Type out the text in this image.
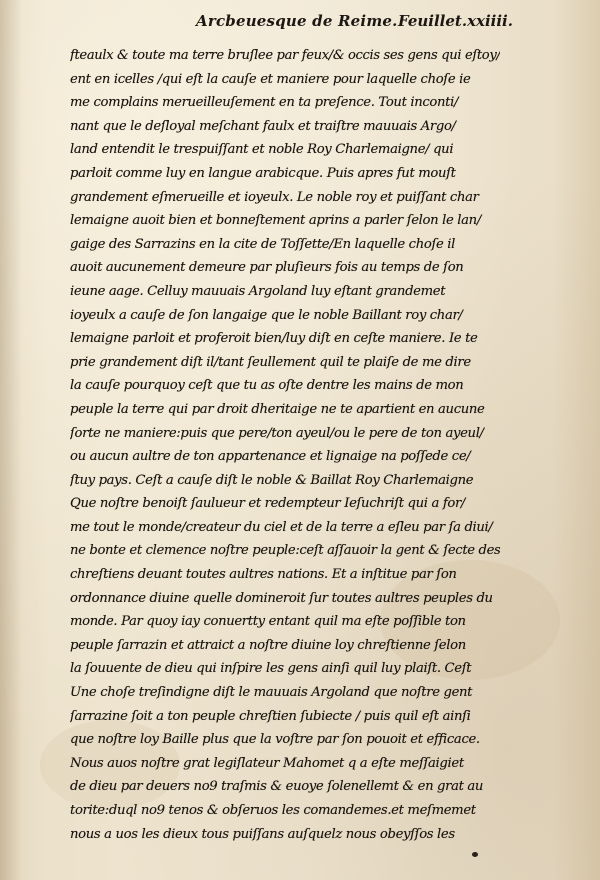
Arcbeuesque de Reime. Feuillet.xxiiii.
fteaulx & toute ma terre bruſlee par feux/& occis ses gens qui eſtoy/
ent en icelles /qui eſt la cauſe et maniere pour laquelle choſe ie
me complains merueilleuſement en ta preſence. Tout inconti/
nant que le deſloyal meſchant faulx et traiſtre mauuais Argo/
land entendit le trespuiſſant et noble Roy Charlemaigne/ qui
parloit comme luy en langue arabicque. Puis apres fut mouſt
grandement eſmerueille et ioyeulx. Le noble roy et puiſſant char
lemaigne auoit bien et bonneſtement aprins a parler ſelon le lan/
gaige des Sarrazins en la cite de Toſſette/En laquelle choſe il
auoit aucunement demeure par pluſieurs fois au temps de ſon
ieune aage. Celluy mauuais Argoland luy eſtant grandemet
ioyeulx a cauſe de ſon langaige que le noble Baillant roy char/
lemaigne parloit et proferoit bien/luy diſt en ceſte maniere. Ie te
prie grandement diſt il/tant ſeullement quil te plaiſe de me dire
la cauſe pourquoy ceſt que tu as oſte dentre les mains de mon
peuple la terre qui par droit dheritaige ne te apartient en aucune
ſorte ne maniere:puis que pere/ton ayeul/ou le pere de ton ayeul/
ou aucun aultre de ton appartenance et lignaige na poſſede ce/
ſtuy pays. Ceſt a cauſe diſt le noble & Baillat Roy Charlemaigne
Que noſtre benoiſt ſaulueur et redempteur Ieſuchriſt qui a for/
me tout le monde/createur du ciel et de la terre a eſleu par ſa diui/
ne bonte et clemence noſtre peuple:ceſt aſſauoir la gent & ſecte des
chreſtiens deuant toutes aultres nations. Et a inſtitue par ſon
ordonnance diuine quelle domineroit ſur toutes aultres peuples du
monde. Par quoy iay conuertty entant quil ma eſte poſſible ton
peuple ſarrazin et attraict a noſtre diuine loy chreſtienne ſelon
la ſouuente de dieu qui inſpire les gens ainſi quil luy plaiſt. Ceſt
Une choſe treſindigne diſt le mauuais Argoland que noſtre gent
ſarrazine ſoit a ton peuple chreſtien ſubiecte / puis quil eſt ainſi
que noſtre loy Baille plus que la voſtre par ſon pouoit et efficace.
Nous auos noſtre grat legiſlateur Mahomet q a eſte meſſaigiet
de dieu par deuers no9 traſmis & euoye ſolenellemt & en grat au
torite:duql no9 tenos & obſeruos les comandemes.et meſmemet
nous a uos les dieux tous puiſſans auſquelz nous obeyſſos les
